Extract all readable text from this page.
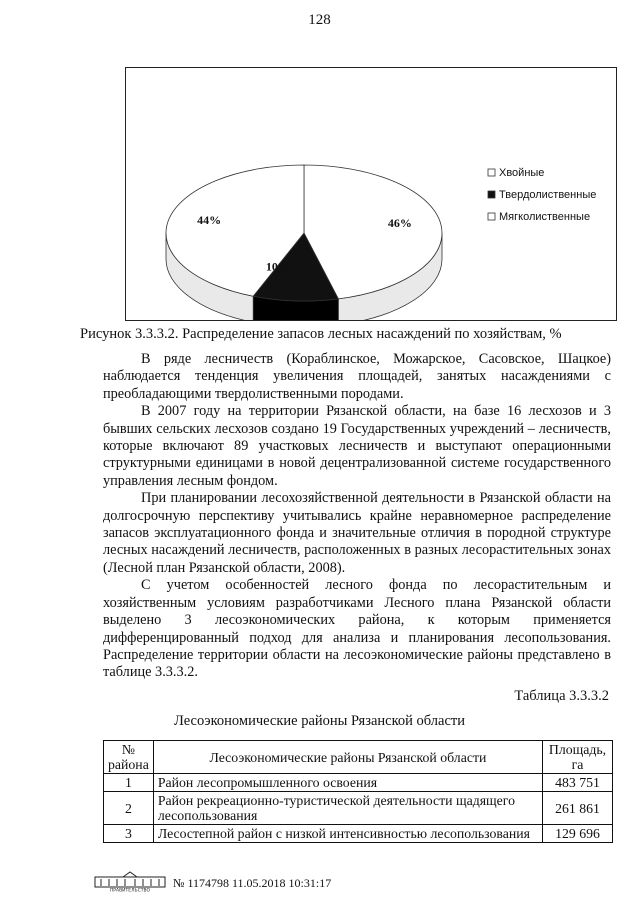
128
46%
10%
44%
Хвойные
Твердолиственные
Мягколиственные
Рисунок 3.3.3.2. Распределение запасов лесных насаждений по хозяйствам, %

В ряде лесничеств (Кораблинское, Можарское, Сасовское, Шацкое) наблюдается тенденция увеличения площадей, занятых насаждениями с преобладающими твердолиственными породами.

В 2007 году на территории Рязанской области, на базе 16 лесхозов и 3 бывших сельских лесхозов создано 19 Государственных учреждений – лесничеств, которые включают 89 участковых лесничеств и выступают операционными структурными единицами в новой децентрализованной системе государственного управления лесным фондом.

При планировании лесохозяйственной деятельности в Рязанской области на долгосрочную перспективу учитывались крайне неравномерное распределение запасов эксплуатационного фонда и значительные отличия в породной структуре лесных насаждений лесничеств, расположенных в разных лесорастительных зонах (Лесной план Рязанской области, 2008).

С учетом особенностей лесного фонда по лесорастительным и хозяйственным условиям разработчиками Лесного плана Рязанской области выделено 3 лесоэкономических района, к которым применяется дифференцированный подход для анализа и планирования лесопользования. Распределение территории области на лесоэкономические районы представлено в таблице 3.3.3.2.

Таблица 3.3.3.2
Лесоэкономические районы Рязанской области
№ района	Лесоэкономические районы Рязанской области	Площадь, га
1	Район лесопромышленного освоения	483 751
2	Район рекреационно-туристической деятельности щадящего лесопользования	261 861
3	Лесостепной район с низкой интенсивностью лесопользования	129 696
ПРАВИТЕЛЬСТВО
№ 1174798 11.05.2018 10:31:17
